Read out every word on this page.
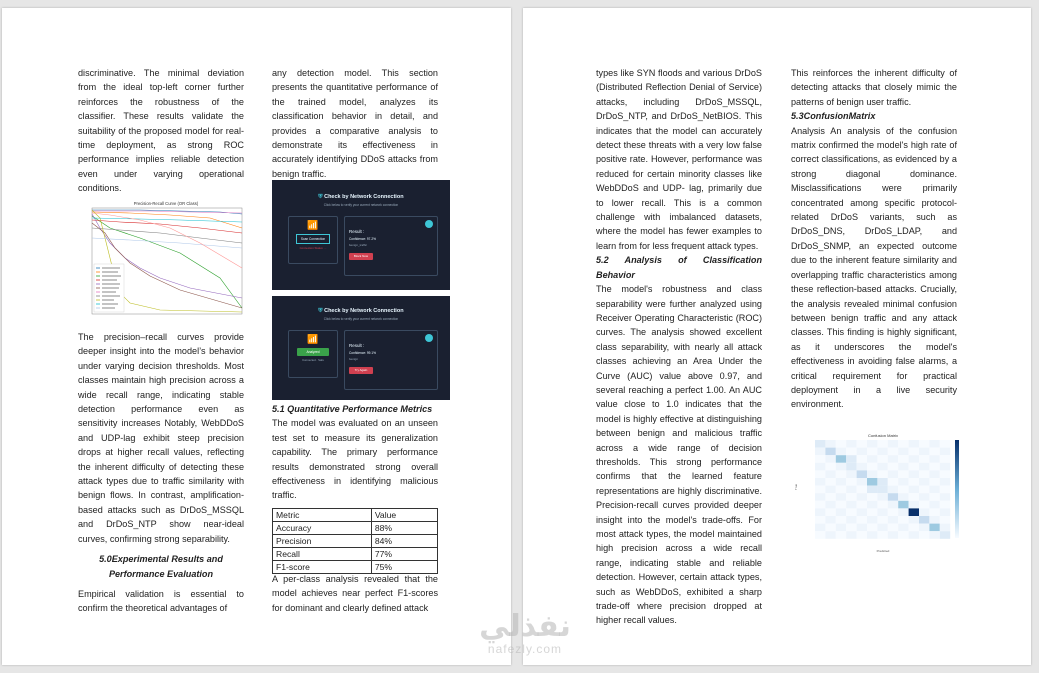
discriminative. The minimal deviation from the ideal top-left corner further reinforces the robustness of the classifier. These results validate the suitability of the proposed model for real-time deployment, as strong ROC performance implies reliable detection even under varying operational conditions.

Precision-Recall Curve (OR Class)

The precision–recall curves provide deeper insight into the model’s behavior under varying decision thresholds. Most classes maintain high precision across a wide recall range, indicating stable detection performance even as sensitivity increases Notably, WebDDoS and UDP-lag exhibit steep precision drops at higher recall values, reflecting the inherent difficulty of detecting these attack types due to traffic similarity with benign flows. In contrast, amplification-based attacks such as DrDoS_MSSQL and DrDoS_NTP show near-ideal curves, confirming strong separability.

5.0Experimental Results and
Performance Evaluation

Empirical validation is essential to confirm the theoretical advantages of

any detection model. This section presents the quantitative performance of the trained model, analyzes its classification behavior in detail, and provides a comparative analysis to demonstrate its effectiveness in accurately identifying DDoS attacks from benign traffic.

⛨ Check by Network Connection
Click below to verify your current network connection
📶
Scan Connection
Connection Status: ...
Result :
Confidence: 97.2%
benign_traffic
Block Now
⛨ Check by Network Connection
Click below to verify your current network connection
📶
Analyzed
Connected · Safe
Result :
Confidence: 99.1%
benign
Try Again

5.1 Quantitative Performance Metrics

The model was evaluated on an unseen test set to measure its generalization capability. The primary performance results demonstrated strong overall effectiveness in identifying malicious traffic.

Metric	Value
Accuracy	88%
Precision	84%
Recall	77%
F1-score	75%

A per-class analysis revealed that the model achieves near perfect F1-scores for dominant and clearly defined attack

types like SYN floods and various DrDoS (Distributed Reflection Denial of Service) attacks, including DrDoS_MSSQL, DrDoS_NTP, and DrDoS_NetBIOS. This indicates that the model can accurately detect these threats with a very low false positive rate. However, performance was reduced for certain minority classes like WebDDoS and UDP- lag, primarily due to lower recall. This is a common challenge with imbalanced datasets, where the model has fewer examples to learn from for less frequent attack types.

5.2 Analysis of Classification Behavior

The model's robustness and class separability were further analyzed using Receiver Operating Characteristic (ROC) curves. The analysis showed excellent class separability, with nearly all attack classes achieving an Area Under the Curve (AUC) value above 0.97, and several reaching a perfect 1.00. An AUC value close to 1.0 indicates that the model is highly effective at distinguishing between benign and malicious traffic across a wide range of decision thresholds. This strong performance confirms that the learned feature representations are highly discriminative. Precision-recall curves provided deeper insight into the model's trade-offs. For most attack types, the model maintained high precision across a wide recall range, indicating stable and reliable detection. However, certain attack types, such as WebDDoS, exhibited a sharp trade-off where precision dropped at higher recall values.

This reinforces the inherent difficulty of detecting attacks that closely mimic the patterns of benign user traffic.

5.3ConfusionMatrix

Analysis An analysis of the confusion matrix confirmed the model's high rate of correct classifications, as evidenced by a strong diagonal dominance. Misclassifications were primarily concentrated among specific protocol-related DrDoS variants, such as DrDoS_DNS, DrDoS_LDAP, and DrDoS_SNMP, an expected outcome due to the inherent feature similarity and overlapping traffic characteristics among these reflection-based attacks. Crucially, the analysis revealed minimal confusion between benign traffic and any attack classes. This finding is highly significant, as it underscores the model's effectiveness in avoiding false alarms, a critical requirement for practical deployment in a live security environment.

Confusion Matrix
Predicted
True
نفذلي
nafezly.com
